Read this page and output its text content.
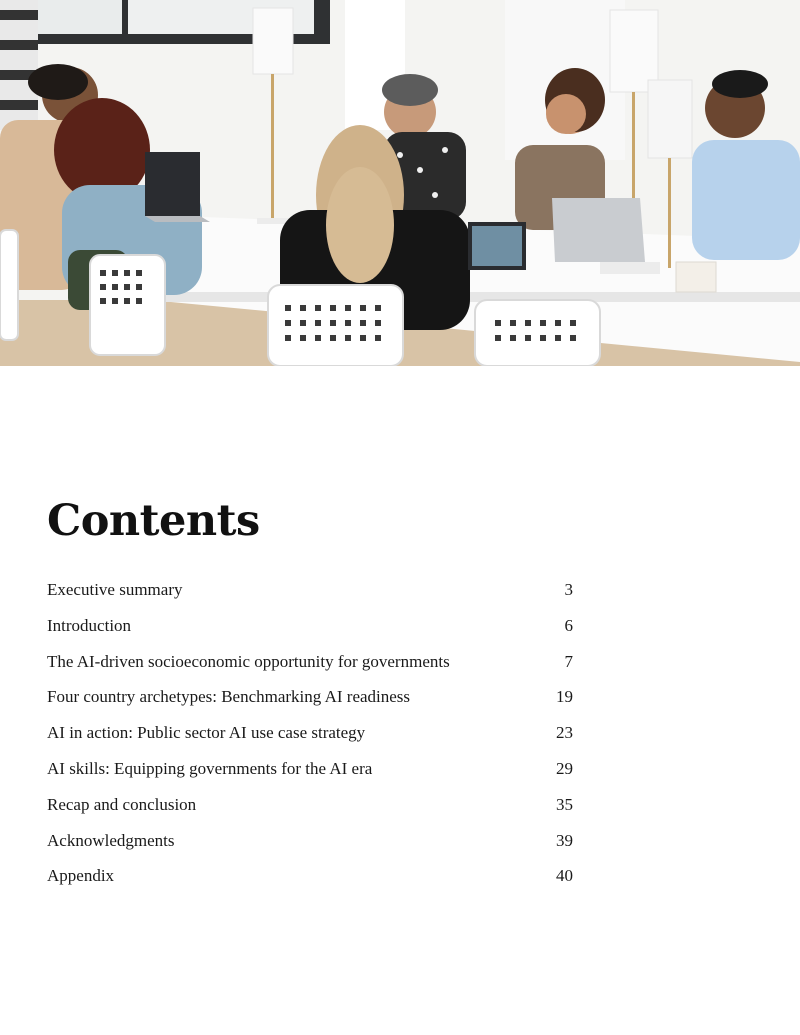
Contents
Executive summary	3
Introduction	6
The AI-driven socioeconomic opportunity for governments	7
Four country archetypes: Benchmarking AI readiness	19
AI in action: Public sector AI use case strategy	23
AI skills: Equipping governments for the AI era	29
Recap and conclusion	35
Acknowledgments	39
Appendix	40
